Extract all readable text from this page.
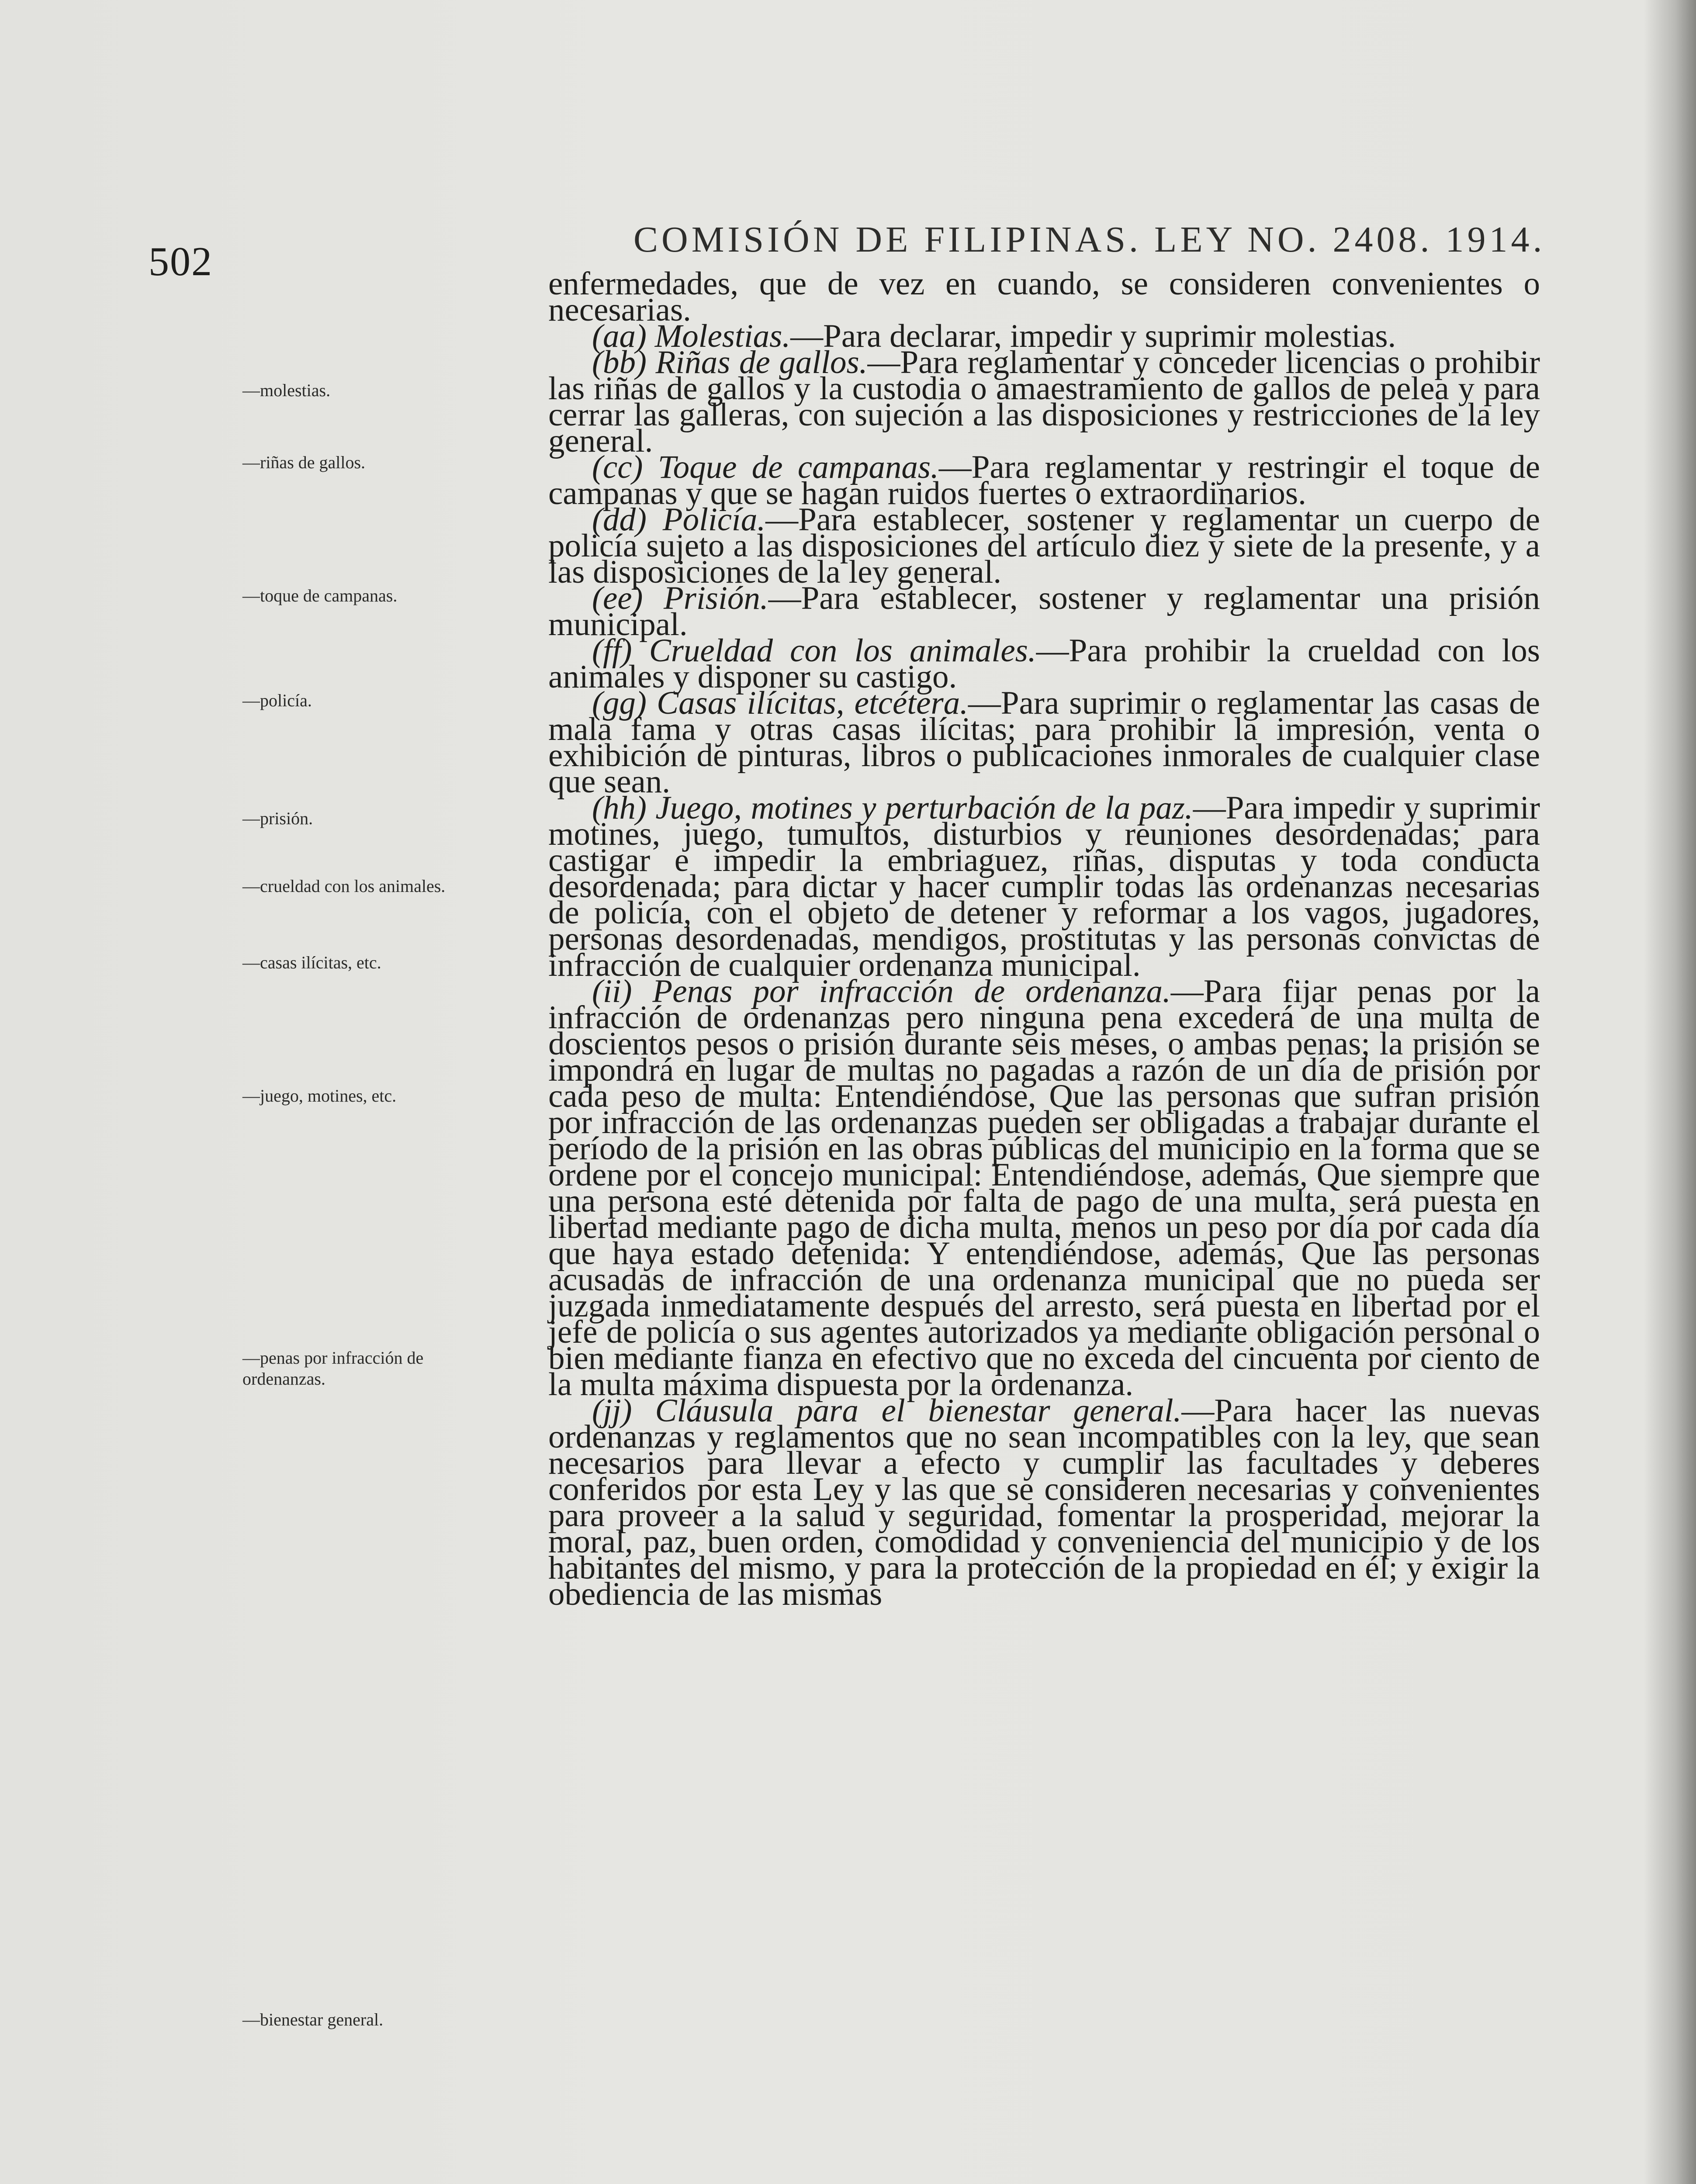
502	COMISIÓN DE FILIPINAS. LEY NO. 2408. 1914.
—molestias.
—riñas de gallos.
—toque de campanas.
—policía.
—prisión.
—crueldad con los animales.
—casas ilícitas, etc.
—juego, motines, etc.
—penas por infracción de ordenanzas.
—bienestar general.

enfermedades, que de vez en cuando, se consideren convenientes o necesarias.

(aa) Molestias.—Para declarar, impedir y suprimir molestias.

(bb) Riñas de gallos.—Para reglamentar y conceder licencias o prohibir las riñas de gallos y la custodia o amaestramiento de gallos de pelea y para cerrar las galleras, con sujeción a las disposiciones y restricciones de la ley general.

(cc) Toque de campanas.—Para reglamentar y restringir el toque de campanas y que se hagan ruidos fuertes o extraordinarios.

(dd) Policía.—Para establecer, sostener y reglamentar un cuerpo de policía sujeto a las disposiciones del artículo diez y siete de la presente, y a las disposiciones de la ley general.

(ee) Prisión.—Para establecer, sostener y reglamentar una prisión municipal.

(ff) Crueldad con los animales.—Para prohibir la crueldad con los animales y disponer su castigo.

(gg) Casas ilícitas, etcétera.—Para suprimir o reglamentar las casas de mala fama y otras casas ilícitas; para prohibir la impresión, venta o exhibición de pinturas, libros o publicaciones inmorales de cualquier clase que sean.

(hh) Juego, motines y perturbación de la paz.—Para impedir y suprimir motines, juego, tumultos, disturbios y reuniones desordenadas; para castigar e impedir la embriaguez, riñas, disputas y toda conducta desordenada; para dictar y hacer cumplir todas las ordenanzas necesarias de policía, con el objeto de detener y reformar a los vagos, jugadores, personas desordenadas, mendigos, prostitutas y las personas convictas de infracción de cualquier ordenanza municipal.

(ii) Penas por infracción de ordenanza.—Para fijar penas por la infracción de ordenanzas pero ninguna pena excederá de una multa de doscientos pesos o prisión durante seis meses, o ambas penas; la prisión se impondrá en lugar de multas no pagadas a razón de un día de prisión por cada peso de multa: Entendiéndose, Que las personas que sufran prisión por infracción de las ordenanzas pueden ser obligadas a trabajar durante el período de la prisión en las obras públicas del municipio en la forma que se ordene por el concejo municipal: Entendiéndose, además, Que siempre que una persona esté detenida por falta de pago de una multa, será puesta en libertad mediante pago de dicha multa, menos un peso por día por cada día que haya estado detenida: Y entendiéndose, además, Que las personas acusadas de infracción de una ordenanza municipal que no pueda ser juzgada inmediatamente después del arresto, será puesta en libertad por el jefe de policía o sus agentes autorizados ya mediante obligación personal o bien mediante fianza en efectivo que no exceda del cincuenta por ciento de la multa máxima dispuesta por la ordenanza.

(jj) Cláusula para el bienestar general.—Para hacer las nuevas ordenanzas y reglamentos que no sean incompatibles con la ley, que sean necesarios para llevar a efecto y cumplir las facultades y deberes conferidos por esta Ley y las que se consideren necesarias y convenientes para proveer a la salud y seguridad, fomentar la prosperidad, mejorar la moral, paz, buen orden, comodidad y conveniencia del municipio y de los habitantes del mismo, y para la protección de la propiedad en él; y exigir la obediencia de las mismas
